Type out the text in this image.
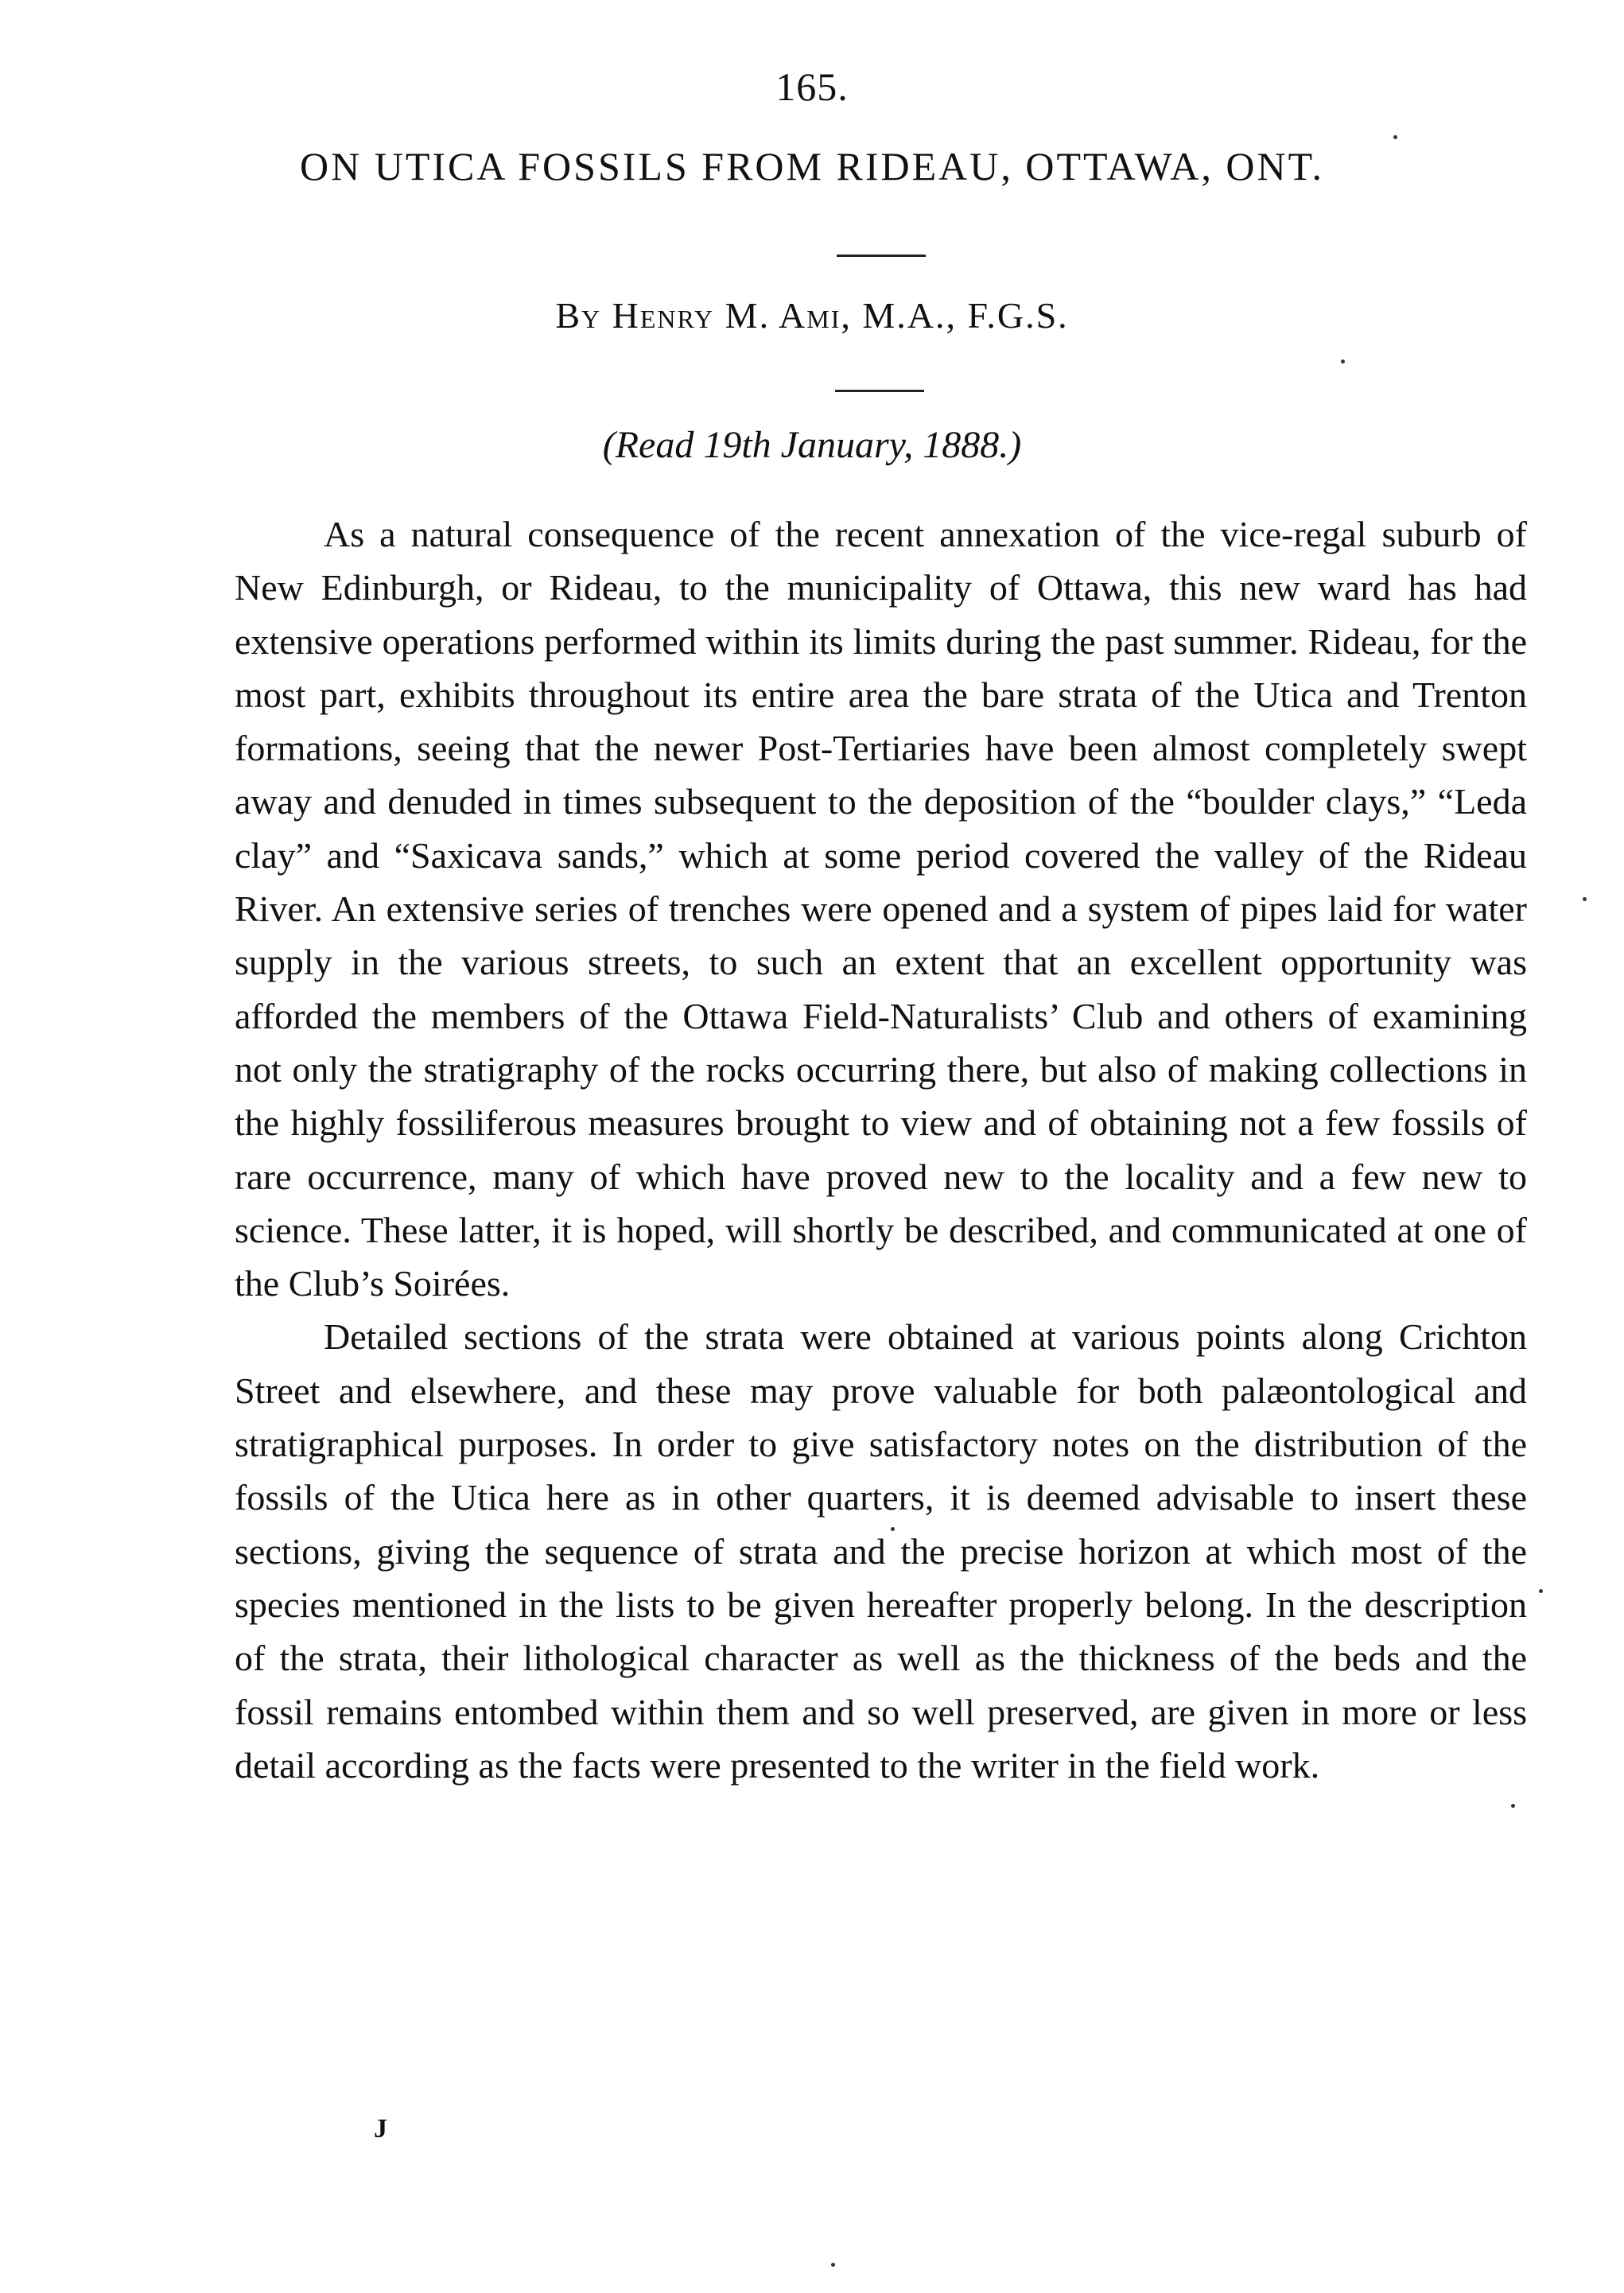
165.
ON UTICA FOSSILS FROM RIDEAU, OTTAWA, ONT.
By Henry M. Ami, M.A., F.G.S.
(Read 19th January, 1888.)

As a natural consequence of the recent annexation of the vice-regal suburb of New Edinburgh, or Rideau, to the municipality of Ottawa, this new ward has had extensive operations performed within its limits during the past summer. Rideau, for the most part, exhibits throughout its entire area the bare strata of the Utica and Trenton formations, seeing that the newer Post-Tertiaries have been almost completely swept away and denuded in times subsequent to the deposition of the “boulder clays,” “Leda clay” and “Saxicava sands,” which at some period covered the valley of the Rideau River. An extensive series of trenches were opened and a system of pipes laid for water supply in the various streets, to such an extent that an excellent opportunity was afforded the members of the Ottawa Field-Naturalists’ Club and others of examining not only the stratigraphy of the rocks occurring there, but also of making collections in the highly fossiliferous measures brought to view and of obtaining not a few fossils of rare occurrence, many of which have proved new to the locality and a few new to science. These latter, it is hoped, will shortly be described, and communicated at one of the Club’s Soirées.

Detailed sections of the strata were obtained at various points along Crichton Street and elsewhere, and these may prove valuable for both palæontological and stratigraphical purposes. In order to give satisfactory notes on the distribution of the fossils of the Utica here as in other quarters, it is deemed advisable to insert these sections, giving the sequence of strata and the precise horizon at which most of the species mentioned in the lists to be given hereafter properly belong. In the description of the strata, their lithological character as well as the thickness of the beds and the fossil remains entombed within them and so well preserved, are given in more or less detail according as the facts were presented to the writer in the field work.

J
